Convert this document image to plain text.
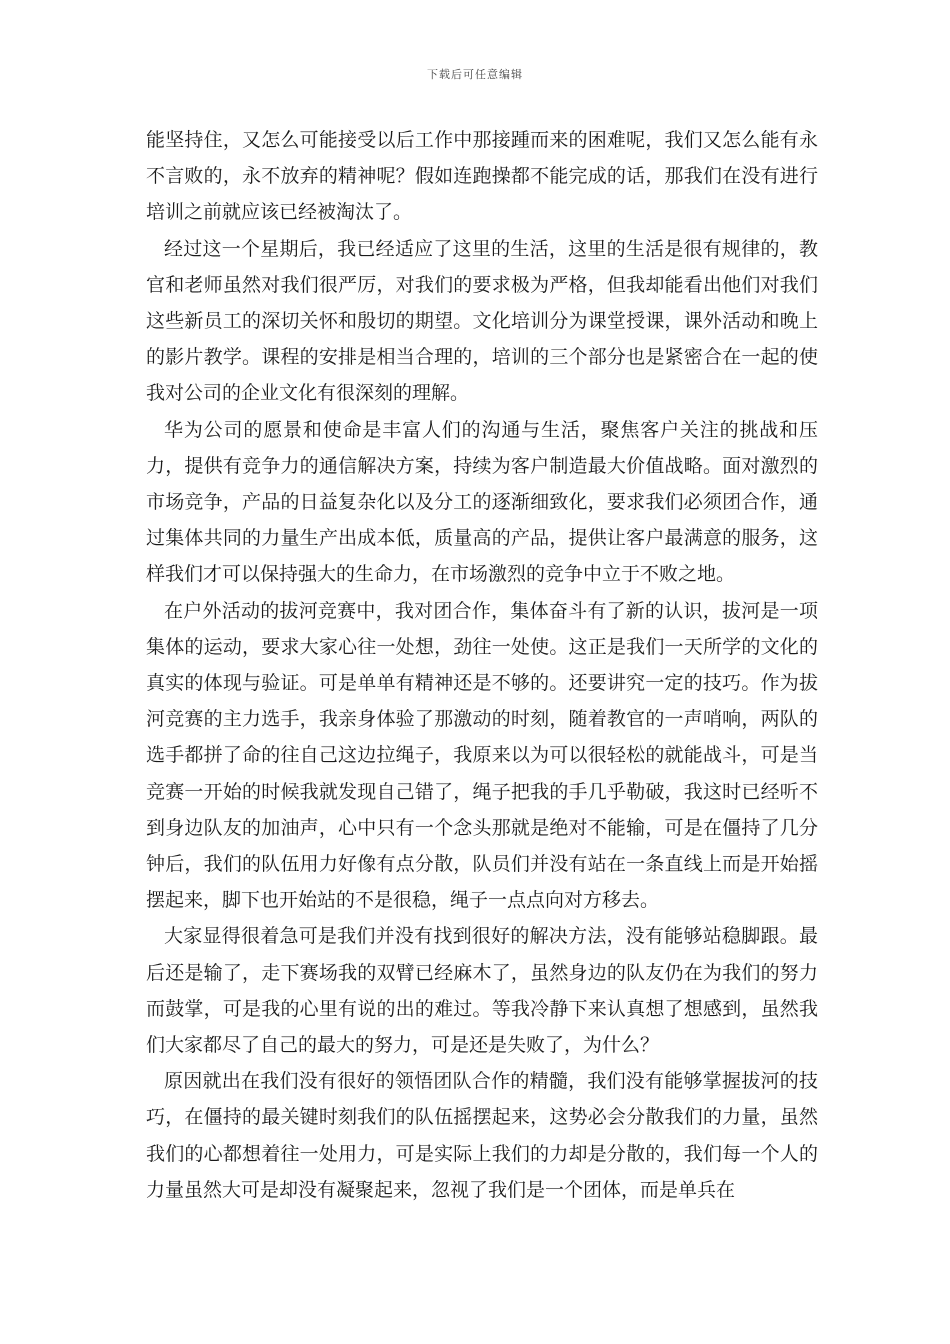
下载后可任意编辑

能坚持住，又怎么可能接受以后工作中那接踵而来的困难呢，我们又怎么能有永不言败的，永不放弃的精神呢？假如连跑操都不能完成的话，那我们在没有进行培训之前就应该已经被淘汰了。

经过这一个星期后，我已经适应了这里的生活，这里的生活是很有规律的，教官和老师虽然对我们很严厉，对我们的要求极为严格，但我却能看出他们对我们这些新员工的深切关怀和殷切的期望。文化培训分为课堂授课，课外活动和晚上的影片教学。课程的安排是相当合理的，培训的三个部分也是紧密合在一起的使我对公司的企业文化有很深刻的理解。

华为公司的愿景和使命是丰富人们的沟通与生活，聚焦客户关注的挑战和压力，提供有竞争力的通信解决方案，持续为客户制造最大价值战略。面对激烈的市场竞争，产品的日益复杂化以及分工的逐渐细致化，要求我们必须团合作，通过集体共同的力量生产出成本低，质量高的产品，提供让客户最满意的服务，这样我们才可以保持强大的生命力，在市场激烈的竞争中立于不败之地。

在户外活动的拔河竞赛中，我对团合作，集体奋斗有了新的认识，拔河是一项集体的运动，要求大家心往一处想，劲往一处使。这正是我们一天所学的文化的真实的体现与验证。可是单单有精神还是不够的。还要讲究一定的技巧。作为拔河竞赛的主力选手，我亲身体验了那激动的时刻，随着教官的一声哨响，两队的选手都拼了命的往自己这边拉绳子，我原来以为可以很轻松的就能战斗，可是当竞赛一开始的时候我就发现自己错了，绳子把我的手几乎勒破，我这时已经听不到身边队友的加油声，心中只有一个念头那就是绝对不能输，可是在僵持了几分钟后，我们的队伍用力好像有点分散，队员们并没有站在一条直线上而是开始摇摆起来，脚下也开始站的不是很稳，绳子一点点向对方移去。

大家显得很着急可是我们并没有找到很好的解决方法，没有能够站稳脚跟。最后还是输了，走下赛场我的双臂已经麻木了，虽然身边的队友仍在为我们的努力而鼓掌，可是我的心里有说的出的难过。等我冷静下来认真想了想感到，虽然我们大家都尽了自己的最大的努力，可是还是失败了，为什么？

原因就出在我们没有很好的领悟团队合作的精髓，我们没有能够掌握拔河的技巧，在僵持的最关键时刻我们的队伍摇摆起来，这势必会分散我们的力量，虽然我们的心都想着往一处用力，可是实际上我们的力却是分散的，我们每一个人的力量虽然大可是却没有凝聚起来，忽视了我们是一个团体，而是单兵在
